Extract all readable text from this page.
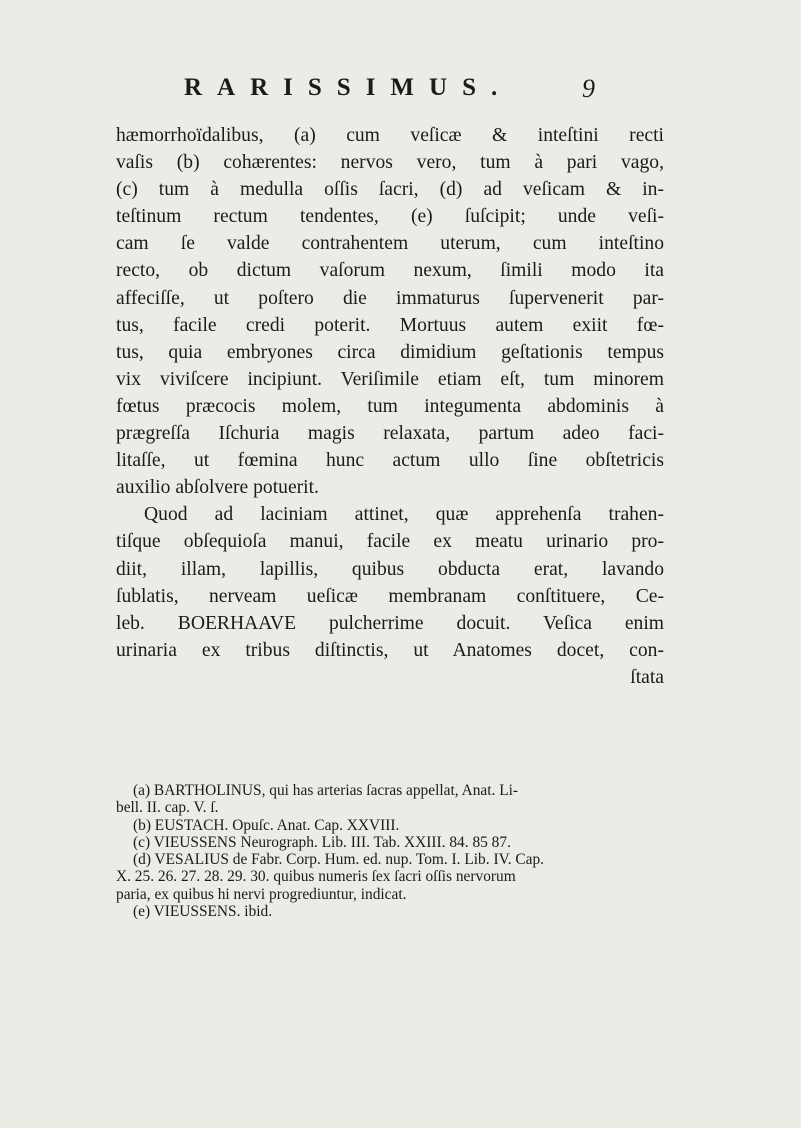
RARISSIMUS.	9
hæmorrhoïdalibus, (a) cum veſicæ & inteſtini recti
vaſis (b) cohærentes: nervos vero, tum à pari vago,
(c) tum à medulla oſſis ſacri, (d) ad veſicam & in-
teſtinum rectum tendentes, (e) ſuſcipit; unde veſi-
cam ſe valde contrahentem uterum, cum inteſtino
recto, ob dictum vaſorum nexum, ſimili modo ita
affeciſſe, ut poſtero die immaturus ſupervenerit par-
tus, facile credi poterit. Mortuus autem exiit fœ-
tus, quia embryones circa dimidium geſtationis tempus
vix viviſcere incipiunt. Veriſimile etiam eſt, tum minorem
fœtus præcocis molem, tum integumenta abdominis à
prægreſſa Iſchuria magis relaxata, partum adeo faci-
litaſſe, ut fœmina hunc actum ullo ſine obſtetricis
auxilio abſolvere potuerit.
Quod ad laciniam attinet, quæ apprehenſa trahen-
tiſque obſequioſa manui, facile ex meatu urinario pro-
diit, illam, lapillis, quibus obducta erat, lavando
ſublatis, nerveam ueſicæ membranam conſtituere, Ce-
leb. BOERHAAVE pulcherrime docuit. Veſica enim
urinaria ex tribus diſtinctis, ut Anatomes docet, con-
ſtata
(a) BARTHOLINUS, qui has arterias ſacras appellat, Anat. Li-
bell. II. cap. V. ſ.
(b) EUSTACH. Opuſc. Anat. Cap. XXVIII.
(c) VIEUSSENS Neurograph. Lib. III. Tab. XXIII. 84. 85 87.
(d) VESALIUS de Fabr. Corp. Hum. ed. nup. Tom. I. Lib. IV. Cap.
X. 25. 26. 27. 28. 29. 30. quibus numeris ſex ſacri oſſis nervorum
paria, ex quibus hi nervi progrediuntur, indicat.
(e) VIEUSSENS. ibid.
